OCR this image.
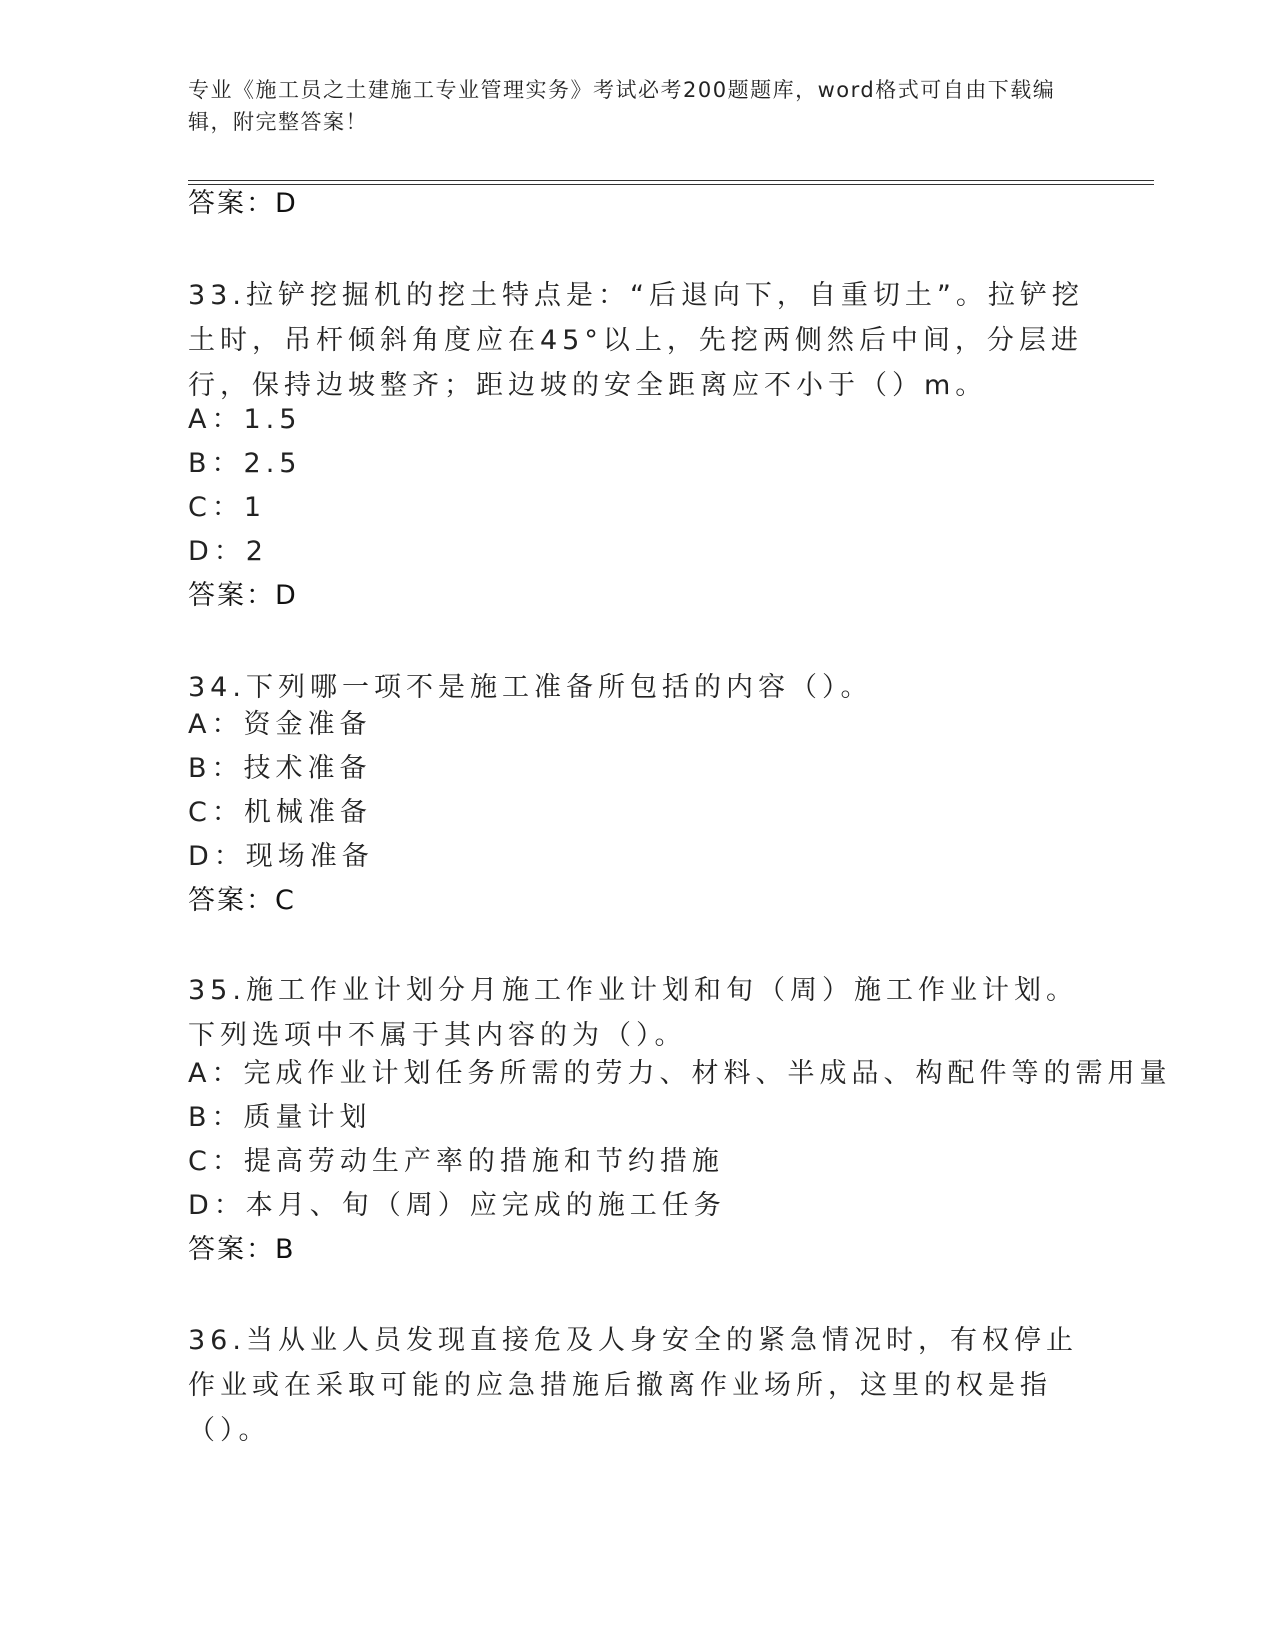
专业《施工员之土建施工专业管理实务》考试必考200题题库，word格式可自由下载编辑，附完整答案！
答案：D
33.拉铲挖掘机的挖土特点是：“后退向下，自重切土”。拉铲挖土时，吊杆倾斜角度应在45°以上，先挖两侧然后中间，分层进行，保持边坡整齐；距边坡的安全距离应不小于（）m。
A：1.5
B：2.5
C：1
D：2
答案：D
34.下列哪一项不是施工准备所包括的内容（）。
A：资金准备
B：技术准备
C：机械准备
D：现场准备
答案：C
35.施工作业计划分月施工作业计划和旬（周）施工作业计划。下列选项中不属于其内容的为（）。
A：完成作业计划任务所需的劳力、材料、半成品、构配件等的需用量
B：质量计划
C：提高劳动生产率的措施和节约措施
D：本月、旬（周）应完成的施工任务
答案：B
36.当从业人员发现直接危及人身安全的紧急情况时，有权停止作业或在采取可能的应急措施后撤离作业场所，这里的权是指（）。
